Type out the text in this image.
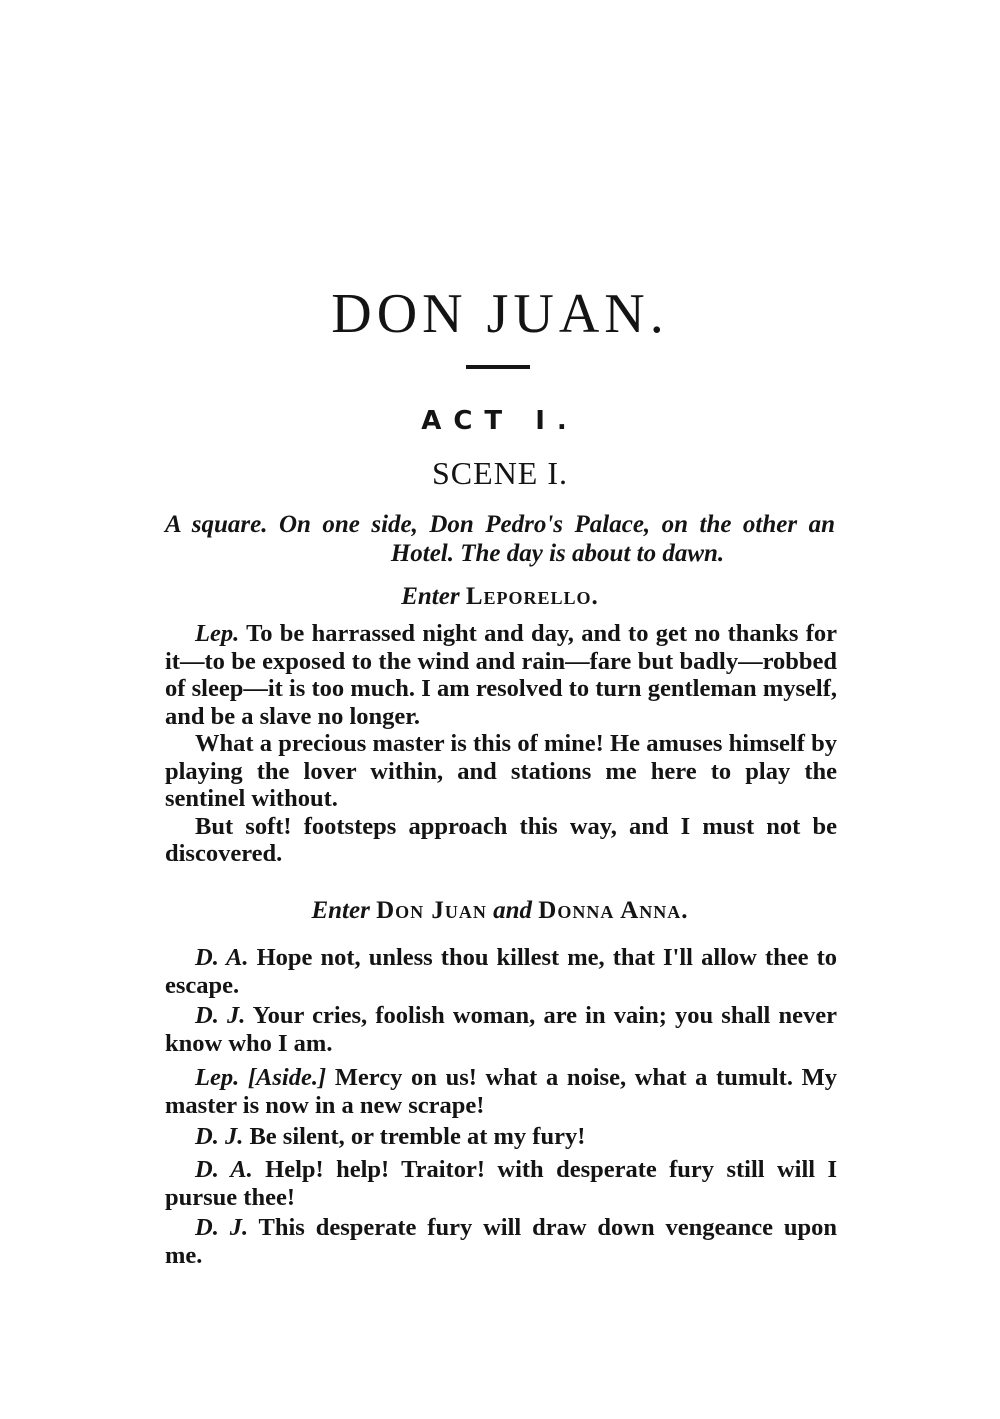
DON JUAN.
ACT I.
SCENE I.
A square. On one side, Don Pedro's Palace, on the other an Hotel. The day is about to dawn.
Enter Leporello.

Lep. To be harrassed night and day, and to get no thanks for it—to be exposed to the wind and rain—fare but badly—robbed of sleep—it is too much. I am resolved to turn gentleman myself, and be a slave no longer.

What a precious master is this of mine! He amuses himself by playing the lover within, and stations me here to play the sentinel without.

But soft! footsteps approach this way, and I must not be discovered.

Enter Don Juan and Donna Anna.

D. A. Hope not, unless thou killest me, that I'll allow thee to escape.

D. J. Your cries, foolish woman, are in vain; you shall never know who I am.

Lep. [Aside.] Mercy on us! what a noise, what a tumult. My master is now in a new scrape!

D. J. Be silent, or tremble at my fury!

D. A. Help! help! Traitor! with desperate fury still will I pursue thee!

D. J. This desperate fury will draw down vengeance upon me.
